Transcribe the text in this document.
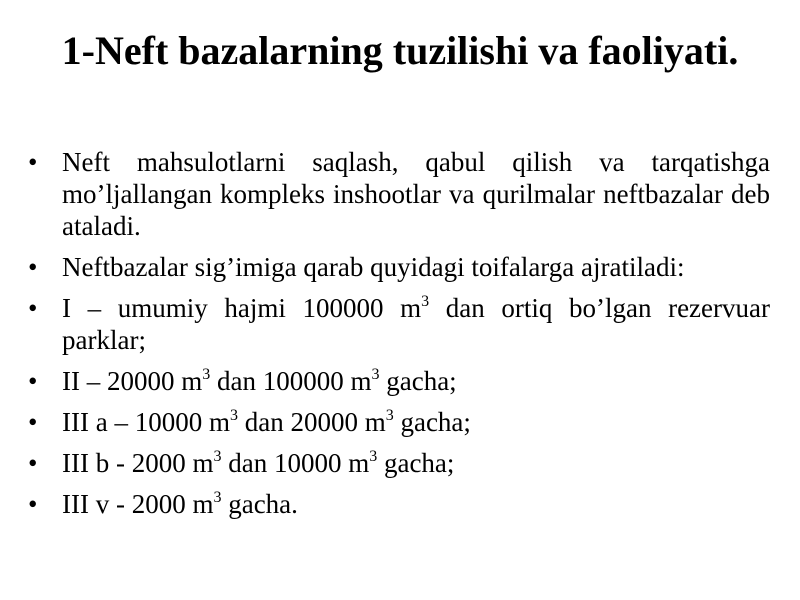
1-Neft bazalarning tuzilishi va faoliyati.
• Neft mahsulotlarni saqlash, qabul qilish va tarqatishga mo’ljallangan kompleks inshootlar va qurilmalar neftbazalar deb ataladi.
• Neftbazalar sig’imiga qarab quyidagi toifalarga ajratiladi:
• I – umumiy hajmi 100000 $m^3$ dan ortiq bo’lgan rezervuar parklar;
• II – 20000 $m^3$ dan 100000 $m^3$ gacha;
• III a – 10000 $m^3$ dan 20000 $m^3$ gacha;
• III b - 2000 $m^3$ dan 10000 $m^3$ gacha;
• III v - 2000 $m^3$ gacha.
